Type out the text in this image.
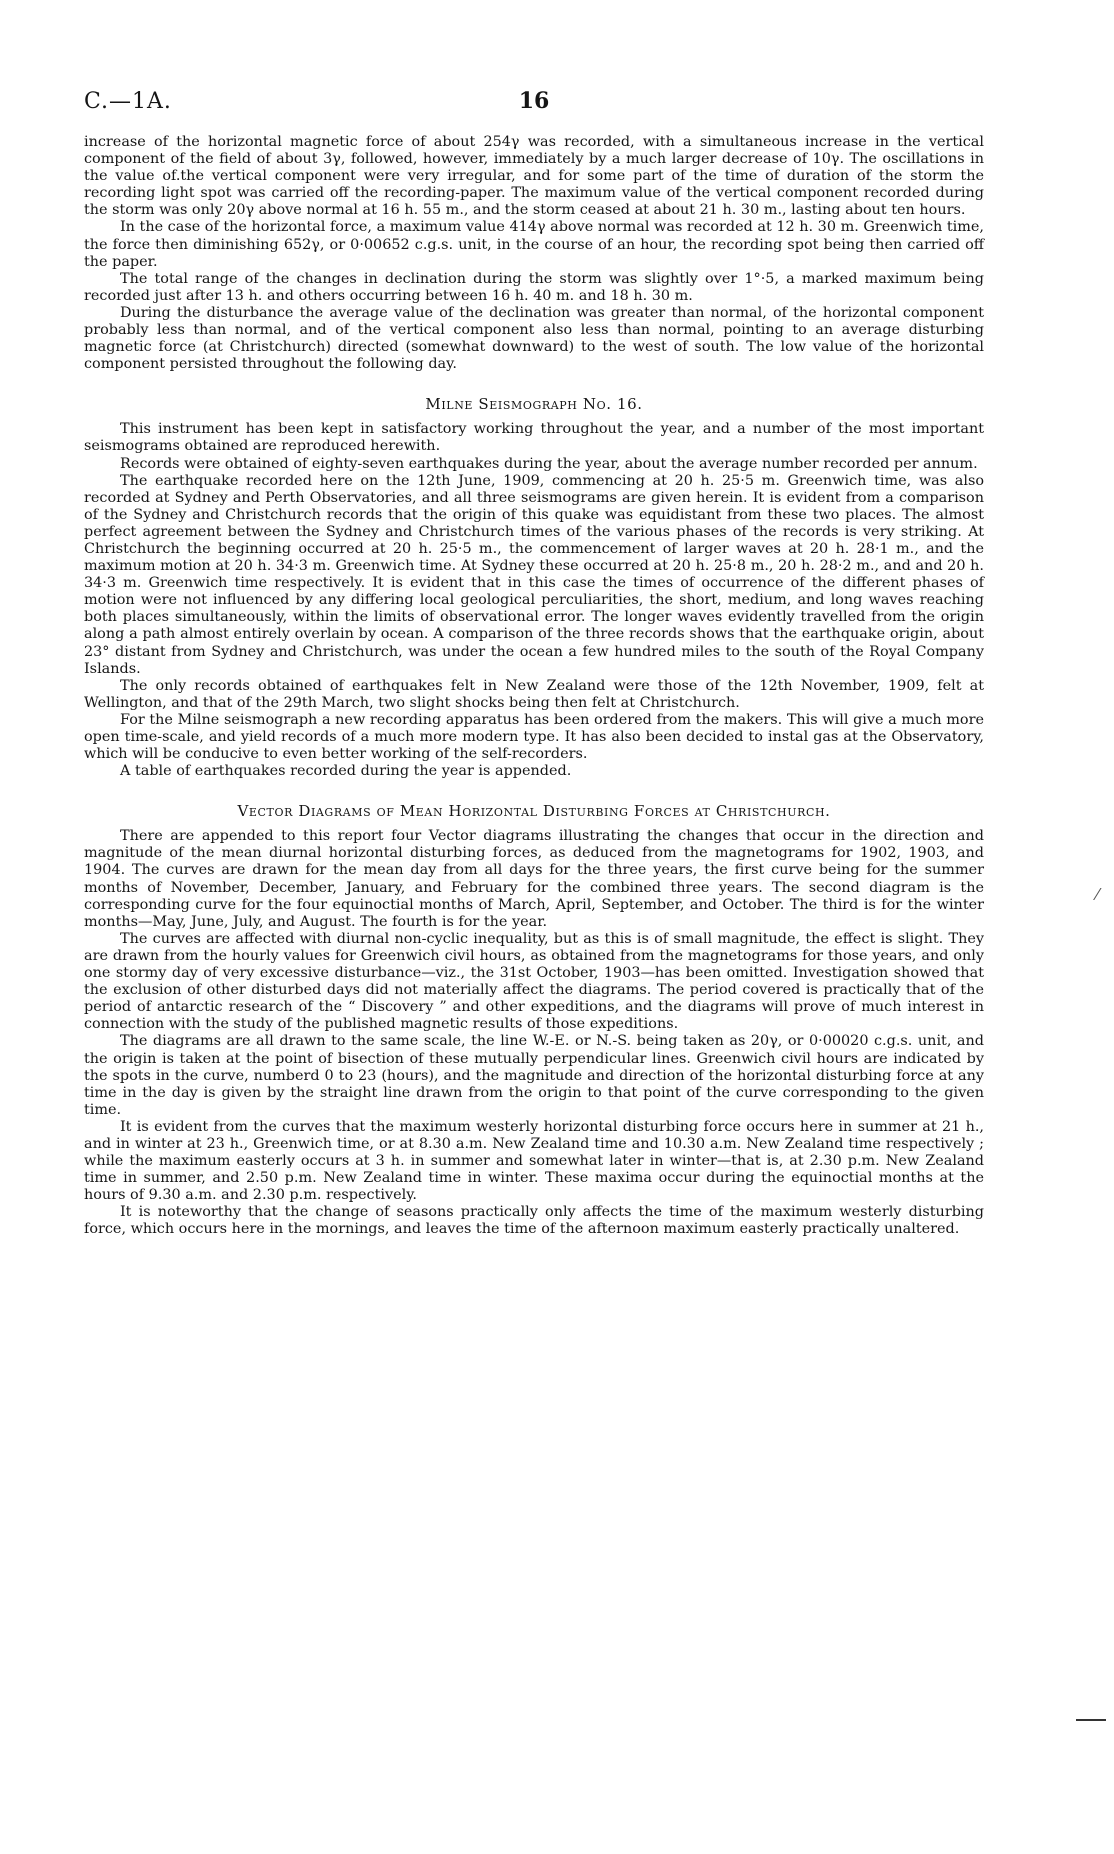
C.—1A.	16

increase of the horizontal magnetic force of about 254γ was recorded, with a simultaneous increase in the vertical component of the field of about 3γ, followed, however, immediately by a much larger decrease of 10γ. The oscillations in the value of.the vertical component were very irregular, and for some part of the time of duration of the storm the recording light spot was carried off the recording-paper. The maximum value of the vertical component recorded during the storm was only 20γ above normal at 16 h. 55 m., and the storm ceased at about 21 h. 30 m., lasting about ten hours.

In the case of the horizontal force, a maximum value 414γ above normal was recorded at 12 h. 30 m. Greenwich time, the force then diminishing 652γ, or 0·00652 c.g.s. unit, in the course of an hour, the recording spot being then carried off the paper.

The total range of the changes in declination during the storm was slightly over 1°·5, a marked maximum being recorded just after 13 h. and others occurring between 16 h. 40 m. and 18 h. 30 m.

During the disturbance the average value of the declination was greater than normal, of the horizontal component probably less than normal, and of the vertical component also less than normal, pointing to an average disturbing magnetic force (at Christchurch) directed (somewhat downward) to the west of south. The low value of the horizontal component persisted throughout the following day.

Milne Seismograph No. 16.

This instrument has been kept in satisfactory working throughout the year, and a number of the most important seismograms obtained are reproduced herewith.

Records were obtained of eighty-seven earthquakes during the year, about the average number recorded per annum.

The earthquake recorded here on the 12th June, 1909, commencing at 20 h. 25·5 m. Greenwich time, was also recorded at Sydney and Perth Observatories, and all three seismograms are given herein. It is evident from a comparison of the Sydney and Christchurch records that the origin of this quake was equidistant from these two places. The almost perfect agreement between the Sydney and Christchurch times of the various phases of the records is very striking. At Christchurch the beginning occurred at 20 h. 25·5 m., the commencement of larger waves at 20 h. 28·1 m., and the maximum motion at 20 h. 34·3 m. Greenwich time. At Sydney these occurred at 20 h. 25·8 m., 20 h. 28·2 m., and and 20 h. 34·3 m. Greenwich time respectively. It is evident that in this case the times of occurrence of the different phases of motion were not influenced by any differing local geological perculiarities, the short, medium, and long waves reaching both places simultaneously, within the limits of observational error. The longer waves evidently travelled from the origin along a path almost entirely overlain by ocean. A comparison of the three records shows that the earthquake origin, about 23° distant from Sydney and Christchurch, was under the ocean a few hundred miles to the south of the Royal Company Islands.

The only records obtained of earthquakes felt in New Zealand were those of the 12th November, 1909, felt at Wellington, and that of the 29th March, two slight shocks being then felt at Christchurch.

For the Milne seismograph a new recording apparatus has been ordered from the makers. This will give a much more open time-scale, and yield records of a much more modern type. It has also been decided to instal gas at the Observatory, which will be conducive to even better working of the self-recorders.

A table of earthquakes recorded during the year is appended.

Vector Diagrams of Mean Horizontal Disturbing Forces at Christchurch.

There are appended to this report four Vector diagrams illustrating the changes that occur in the direction and magnitude of the mean diurnal horizontal disturbing forces, as deduced from the magnetograms for 1902, 1903, and 1904. The curves are drawn for the mean day from all days for the three years, the first curve being for the summer months of November, December, January, and February for the combined three years. The second diagram is the corresponding curve for the four equinoctial months of March, April, September, and October. The third is for the winter months—May, June, July, and August. The fourth is for the year.

The curves are affected with diurnal non-cyclic inequality, but as this is of small magnitude, the effect is slight. They are drawn from the hourly values for Greenwich civil hours, as obtained from the magnetograms for those years, and only one stormy day of very excessive disturbance—viz., the 31st October, 1903—has been omitted. Investigation showed that the exclusion of other disturbed days did not materially affect the diagrams. The period covered is practically that of the period of antarctic research of the “ Discovery ” and other expeditions, and the diagrams will prove of much interest in connection with the study of the published magnetic results of those expeditions.

The diagrams are all drawn to the same scale, the line W.-E. or N.-S. being taken as 20γ, or 0·00020 c.g.s. unit, and the origin is taken at the point of bisection of these mutually perpendicular lines. Greenwich civil hours are indicated by the spots in the curve, numberd 0 to 23 (hours), and the magnitude and direction of the horizontal disturbing force at any time in the day is given by the straight line drawn from the origin to that point of the curve corresponding to the given time.

It is evident from the curves that the maximum westerly horizontal disturbing force occurs here in summer at 21 h., and in winter at 23 h., Greenwich time, or at 8.30 a.m. New Zealand time and 10.30 a.m. New Zealand time respectively ; while the maximum easterly occurs at 3 h. in summer and somewhat later in winter—that is, at 2.30 p.m. New Zealand time in summer, and 2.50 p.m. New Zealand time in winter. These maxima occur during the equinoctial months at the hours of 9.30 a.m. and 2.30 p.m. respectively.

It is noteworthy that the change of seasons practically only affects the time of the maximum westerly disturbing force, which occurs here in the mornings, and leaves the time of the afternoon maximum easterly practically unaltered.

⁄
